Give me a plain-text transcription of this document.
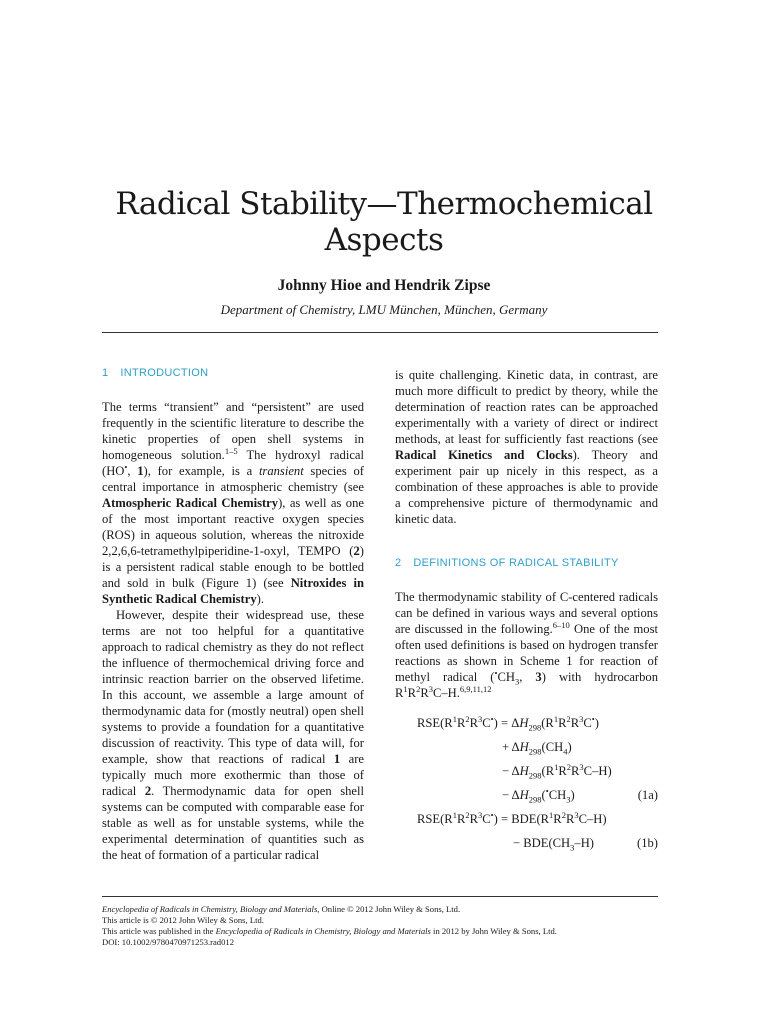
Radical Stability—Thermochemical
Aspects
Johnny Hioe and Hendrik Zipse
Department of Chemistry, LMU München, München, Germany
1 INTRODUCTION

The terms “transient” and “persistent” are used frequently in the scientific literature to describe the kinetic properties of open shell systems in homogeneous solution.$^{1-5}$ The hydroxyl radical (HO•, 1), for example, is a transient species of central importance in atmospheric chemistry (see Atmospheric Radical Chemistry), as well as one of the most important reactive oxygen species (ROS) in aqueous solution, whereas the nitroxide 2,2,6,6-tetramethylpiperidine-1-oxyl, TEMPO (2) is a persistent radical stable enough to be bottled and sold in bulk (Figure 1) (see Nitroxides in Synthetic Radical Chemistry).

However, despite their widespread use, these terms are not too helpful for a quantitative approach to radical chemistry as they do not reflect the influence of thermochemical driving force and intrinsic reaction barrier on the observed lifetime. In this account, we assemble a large amount of thermodynamic data for (mostly neutral) open shell systems to provide a foundation for a quantitative discussion of reactivity. This type of data will, for example, show that reactions of radical 1 are typically much more exothermic than those of radical 2. Thermodynamic data for open shell systems can be computed with comparable ease for stable as well as for unstable systems, while the experimental determination of quantities such as the heat of formation of a particular radical

is quite challenging. Kinetic data, in contrast, are much more difficult to predict by theory, while the determination of reaction rates can be approached experimentally with a variety of direct or indirect methods, at least for sufficiently fast reactions (see Radical Kinetics and Clocks). Theory and experiment pair up nicely in this respect, as a combination of these approaches is able to provide a comprehensive picture of thermodynamic and kinetic data.

2 DEFINITIONS OF RADICAL STABILITY

The thermodynamic stability of C-centered radicals can be defined in various ways and several options are discussed in the following.$^{6-10}$ One of the most often used definitions is based on hydrogen transfer reactions as shown in Scheme 1 for reaction of methyl radical ($^•CH_3$, 3) with hydrocarbon $R^1R^2R^3C-H.^{6,9,11,12}$

$RSE(R^1R^2R^3C^•) = \Delta H_{298}(R^1R^2R^3C^•)$
+ $\Delta H_{298}(CH_4)$
− $\Delta H_{298}(R^1R^2R^3C-H)$
− $\Delta H_{298}(^•CH_3)$	(1a)
$RSE(R^1R^2R^3C^•) = BDE(R^1R^2R^3C-H)$
− $BDE(CH_3-H)$	(1b)
Encyclopedia of Radicals in Chemistry, Biology and Materials, Online © 2012 John Wiley & Sons, Ltd.
This article is © 2012 John Wiley & Sons, Ltd.
This article was published in the Encyclopedia of Radicals in Chemistry, Biology and Materials in 2012 by John Wiley & Sons, Ltd.
DOI: 10.1002/9780470971253.rad012
